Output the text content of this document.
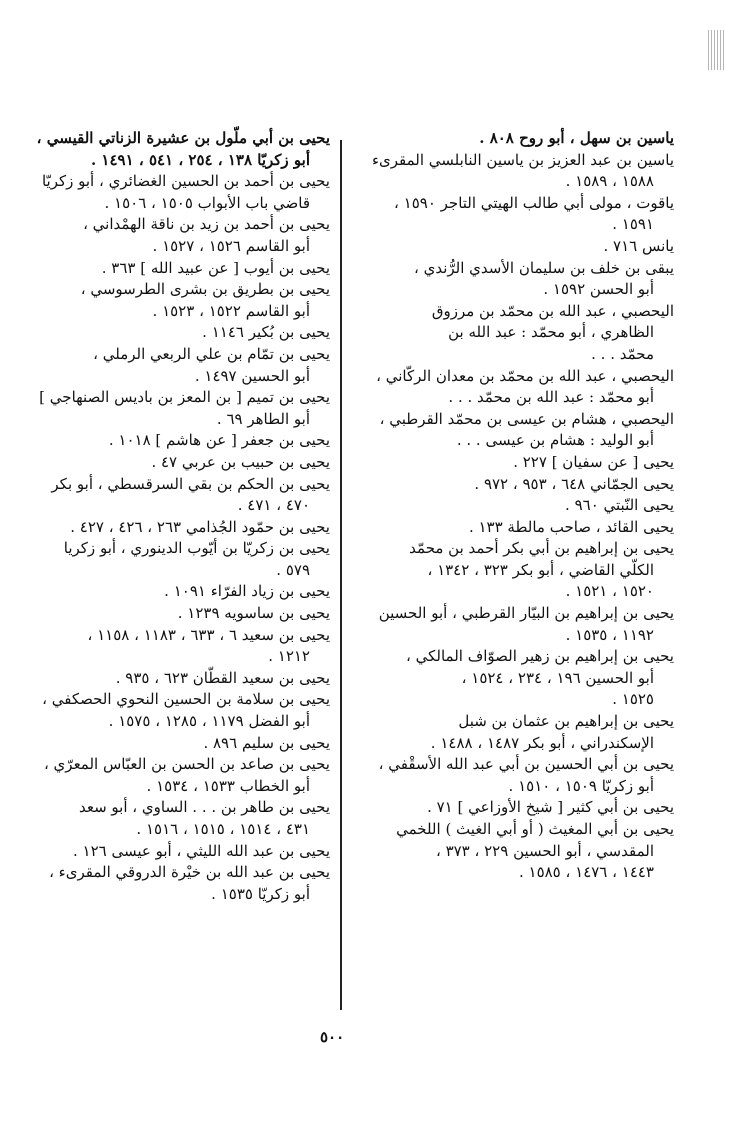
ياسين بن سهل ، أبو روح ٨٠٨ .
ياسين بن عبد العزيز بن ياسين النابلسي المقرىء
١٥٨٨ ، ١٥٨٩ .
ياقوت ، مولى أبي طالب الهيتي التاجر ١٥٩٠ ،
١٥٩١ .
يانس ٧١٦ .
يبقى بن خلف بن سليمان الأسدي الرُّندي ،
أبو الحسن ١٥٩٢ .
اليحصبي ، عبد الله بن محمّد بن مرزوق
الظاهري ، أبو محمّد : عبد الله بن
محمّد . . .
اليحصبي ، عبد الله بن محمّد بن معدان الركّاني ،
أبو محمّد : عبد الله بن محمّد . . .
اليحصبي ، هشام بن عيسى بن محمّد القرطبي ،
أبو الوليد : هشام بن عيسى . . .
يحيى [ عن سفيان ] ٢٢٧ .
يحيى الجمّاني ٦٤٨ ، ٩٥٣ ، ٩٧٢ .
يحيى النّبتي ٩٦٠ .
يحيى القائد ، صاحب مالطة ١٣٣ .
يحيى بن إبراهيم بن أبي بكر أحمد بن محمّد
الكلّي القاضي ، أبو بكر ٣٢٣ ، ١٣٤٢ ،
١٥٢٠ ، ١٥٢١ .
يحيى بن إبراهيم بن البيّار القرطبي ، أبو الحسين
١١٩٢ ، ١٥٣٥ .
يحيى بن إبراهيم بن زهير الصوّاف المالكي ،
أبو الحسين ١٩٦ ، ٢٣٤ ، ١٥٢٤ ،
١٥٢٥ .
يحيى بن إبراهيم بن عثمان بن شبل
الإسكندراني ، أبو بكر ١٤٨٧ ، ١٤٨٨ .
يحيى بن أبي الحسين بن أبي عبد الله الأسقْفي ،
أبو زكريّا ١٥٠٩ ، ١٥١٠ .
يحيى بن أبي كثير [ شيخ الأوزاعي ] ٧١ .
يحيى بن أبي المغيث ( أو أبي الغيث ) اللخمي
المقدسي ، أبو الحسين ٢٢٩ ، ٣٧٣ ،
١٤٤٣ ، ١٤٧٦ ، ١٥٨٥ .
يحيى بن أبي ملّول بن عشيرة الزناتي القيسي ،
أبو زكريّا ١٣٨ ، ٢٥٤ ، ٥٤١ ، ١٤٩١ .
يحيى بن أحمد بن الحسين الغضائري ، أبو زكريّا
قاضي باب الأبواب ١٥٠٥ ، ١٥٠٦ .
يحيى بن أحمد بن زيد بن ناقة الهمْداني ،
أبو القاسم ١٥٢٦ ، ١٥٢٧ .
يحيى بن أيوب [ عن عبيد الله ] ٣٦٣ .
يحيى بن بطريق بن بشرى الطرسوسي ،
أبو القاسم ١٥٢٢ ، ١٥٢٣ .
يحيى بن بُكير ١١٤٦ .
يحيى بن تمّام بن علي الربعي الرملي ،
أبو الحسين ١٤٩٧ .
يحيى بن تميم [ بن المعز بن باديس الصنهاجي ]
أبو الطاهر ٦٩ .
يحيى بن جعفر [ عن هاشم ] ١٠١٨ .
يحيى بن حبيب بن عربي ٤٧ .
يحيى بن الحكم بن بقي السرقسطي ، أبو بكر
٤٧٠ ، ٤٧١ .
يحيى بن حمّود الجُذامي ٢٦٣ ، ٤٢٦ ، ٤٢٧ .
يحيى بن زكريّا بن أيّوب الدينوري ، أبو زكريا
٥٧٩ .
يحيى بن زياد الفرّاء ١٠٩١ .
يحيى بن ساسويه ١٢٣٩ .
يحيى بن سعيد ٦ ، ٦٣٣ ، ١١٨٣ ، ١١٥٨ ،
١٢١٢ .
يحيى بن سعيد القطّان ٦٢٣ ، ٩٣٥ .
يحيى بن سلامة بن الحسين النحوي الحصكفي ،
أبو الفضل ١١٧٩ ، ١٢٨٥ ، ١٥٧٥ .
يحيى بن سليم ٨٩٦ .
يحيى بن صاعد بن الحسن بن العبّاس المعرّي ،
أبو الخطاب ١٥٣٣ ، ١٥٣٤ .
يحيى بن طاهر بن . . . الساوي ، أبو سعد
٤٣١ ، ١٥١٤ ، ١٥١٥ ، ١٥١٦ .
يحيى بن عبد الله الليثي ، أبو عيسى ١٢٦ .
يحيى بن عبد الله بن خيْرة الدروقي المقرىء ،
أبو زكريّا ١٥٣٥ .
٥٠٠
